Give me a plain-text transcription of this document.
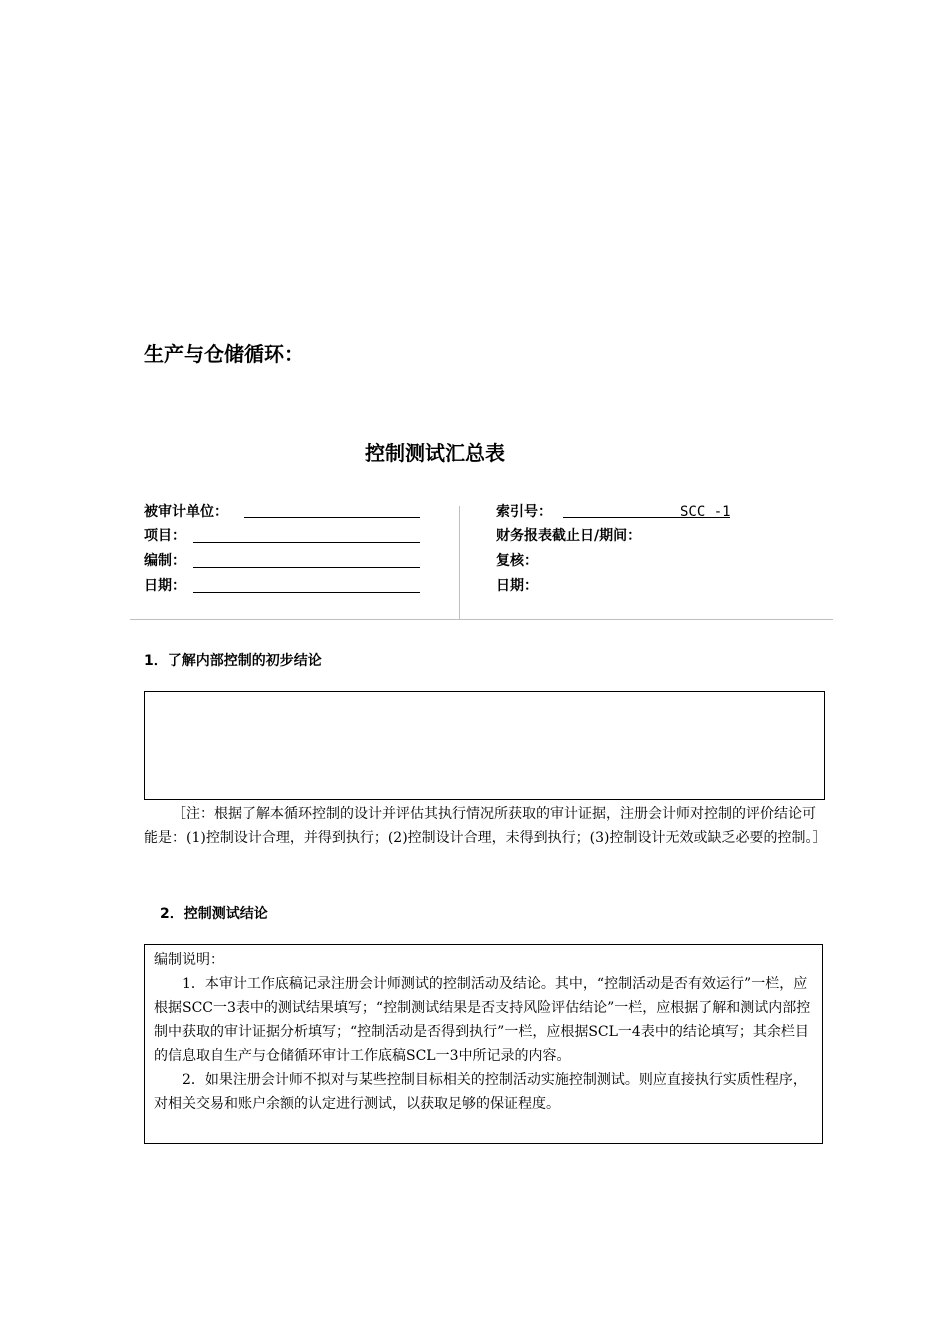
生产与仓储循环：
控制测试汇总表
被审计单位：
项目：
编制：
日期：
索引号：	SCC -1
财务报表截止日/期间：
复核：
日期：
1．了解内部控制的初步结论
［注：根据了解本循环控制的设计并评估其执行情况所获取的审计证据，注册会计师对控制的评价结论可能是：(1)控制设计合理，并得到执行；(2)控制设计合理，未得到执行；(3)控制设计无效或缺乏必要的控制。］
2．控制测试结论

编制说明：

1．本审计工作底稿记录注册会计师测试的控制活动及结论。其中，“控制活动是否有效运行”一栏，应根据SCC一3表中的测试结果填写；“控制测试结果是否支持风险评估结论”一栏，应根据了解和测试内部控制中获取的审计证据分析填写；“控制活动是否得到执行”一栏，应根据SCL一4表中的结论填写；其余栏目的信息取自生产与仓储循环审计工作底稿SCL一3中所记录的内容。

2．如果注册会计师不拟对与某些控制目标相关的控制活动实施控制测试。则应直接执行实质性程序，对相关交易和账户余额的认定进行测试，以获取足够的保证程度。
